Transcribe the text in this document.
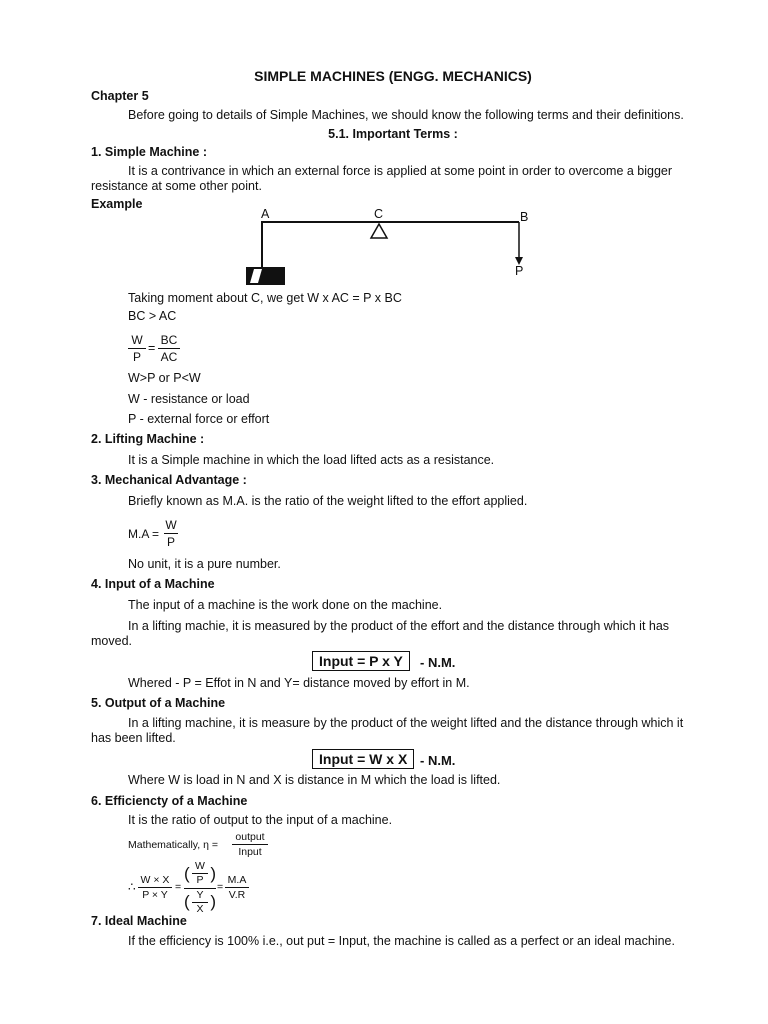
SIMPLE MACHINES (ENGG. MECHANICS)
Chapter 5
Before going to details of Simple Machines, we should know the following terms and their definitions.
5.1. Important Terms :
1. Simple Machine :
It is a contrivance in which an external force is applied at some point in order to overcome a bigger resistance at some other point.
Example
A	C	B
P
Taking moment about C, we get W x AC = P x BC
BC > AC
W
P
=
BC
AC
W>P or P<W
W - resistance or load
P - external force or effort
2. Lifting Machine :
It is a Simple machine in which the load lifted acts as a resistance.
3. Mechanical Advantage :
Briefly known as M.A. is the ratio of the weight lifted to the effort applied.
M.A =
W
P
No unit, it is a pure number.
4. Input of a Machine
The input of a machine is the work done on the machine.
In a lifting machie, it is measured by the product of the effort and the distance through which it has moved.
Input = P x Y	- N.M.
Whered - P = Effot in N and Y= distance moved by effort in M.
5. Output of a Machine
In a lifting machine, it is measure by the product of the weight lifted and the distance through which it has been lifted.
Input = W x X - N.M.
Where W is load in N and X is distance in M which the load is lifted.
6. Efficiencty of a Machine
It is the ratio of output to the input of a machine.
Mathematically, η =
output
Input
∴ W × X
P × Y
=
( W
P )
( Y
X )
=
M.A
V.R
7. Ideal Machine
If the efficiency is 100% i.e., out put = Input, the machine is called as a perfect or an ideal machine.
